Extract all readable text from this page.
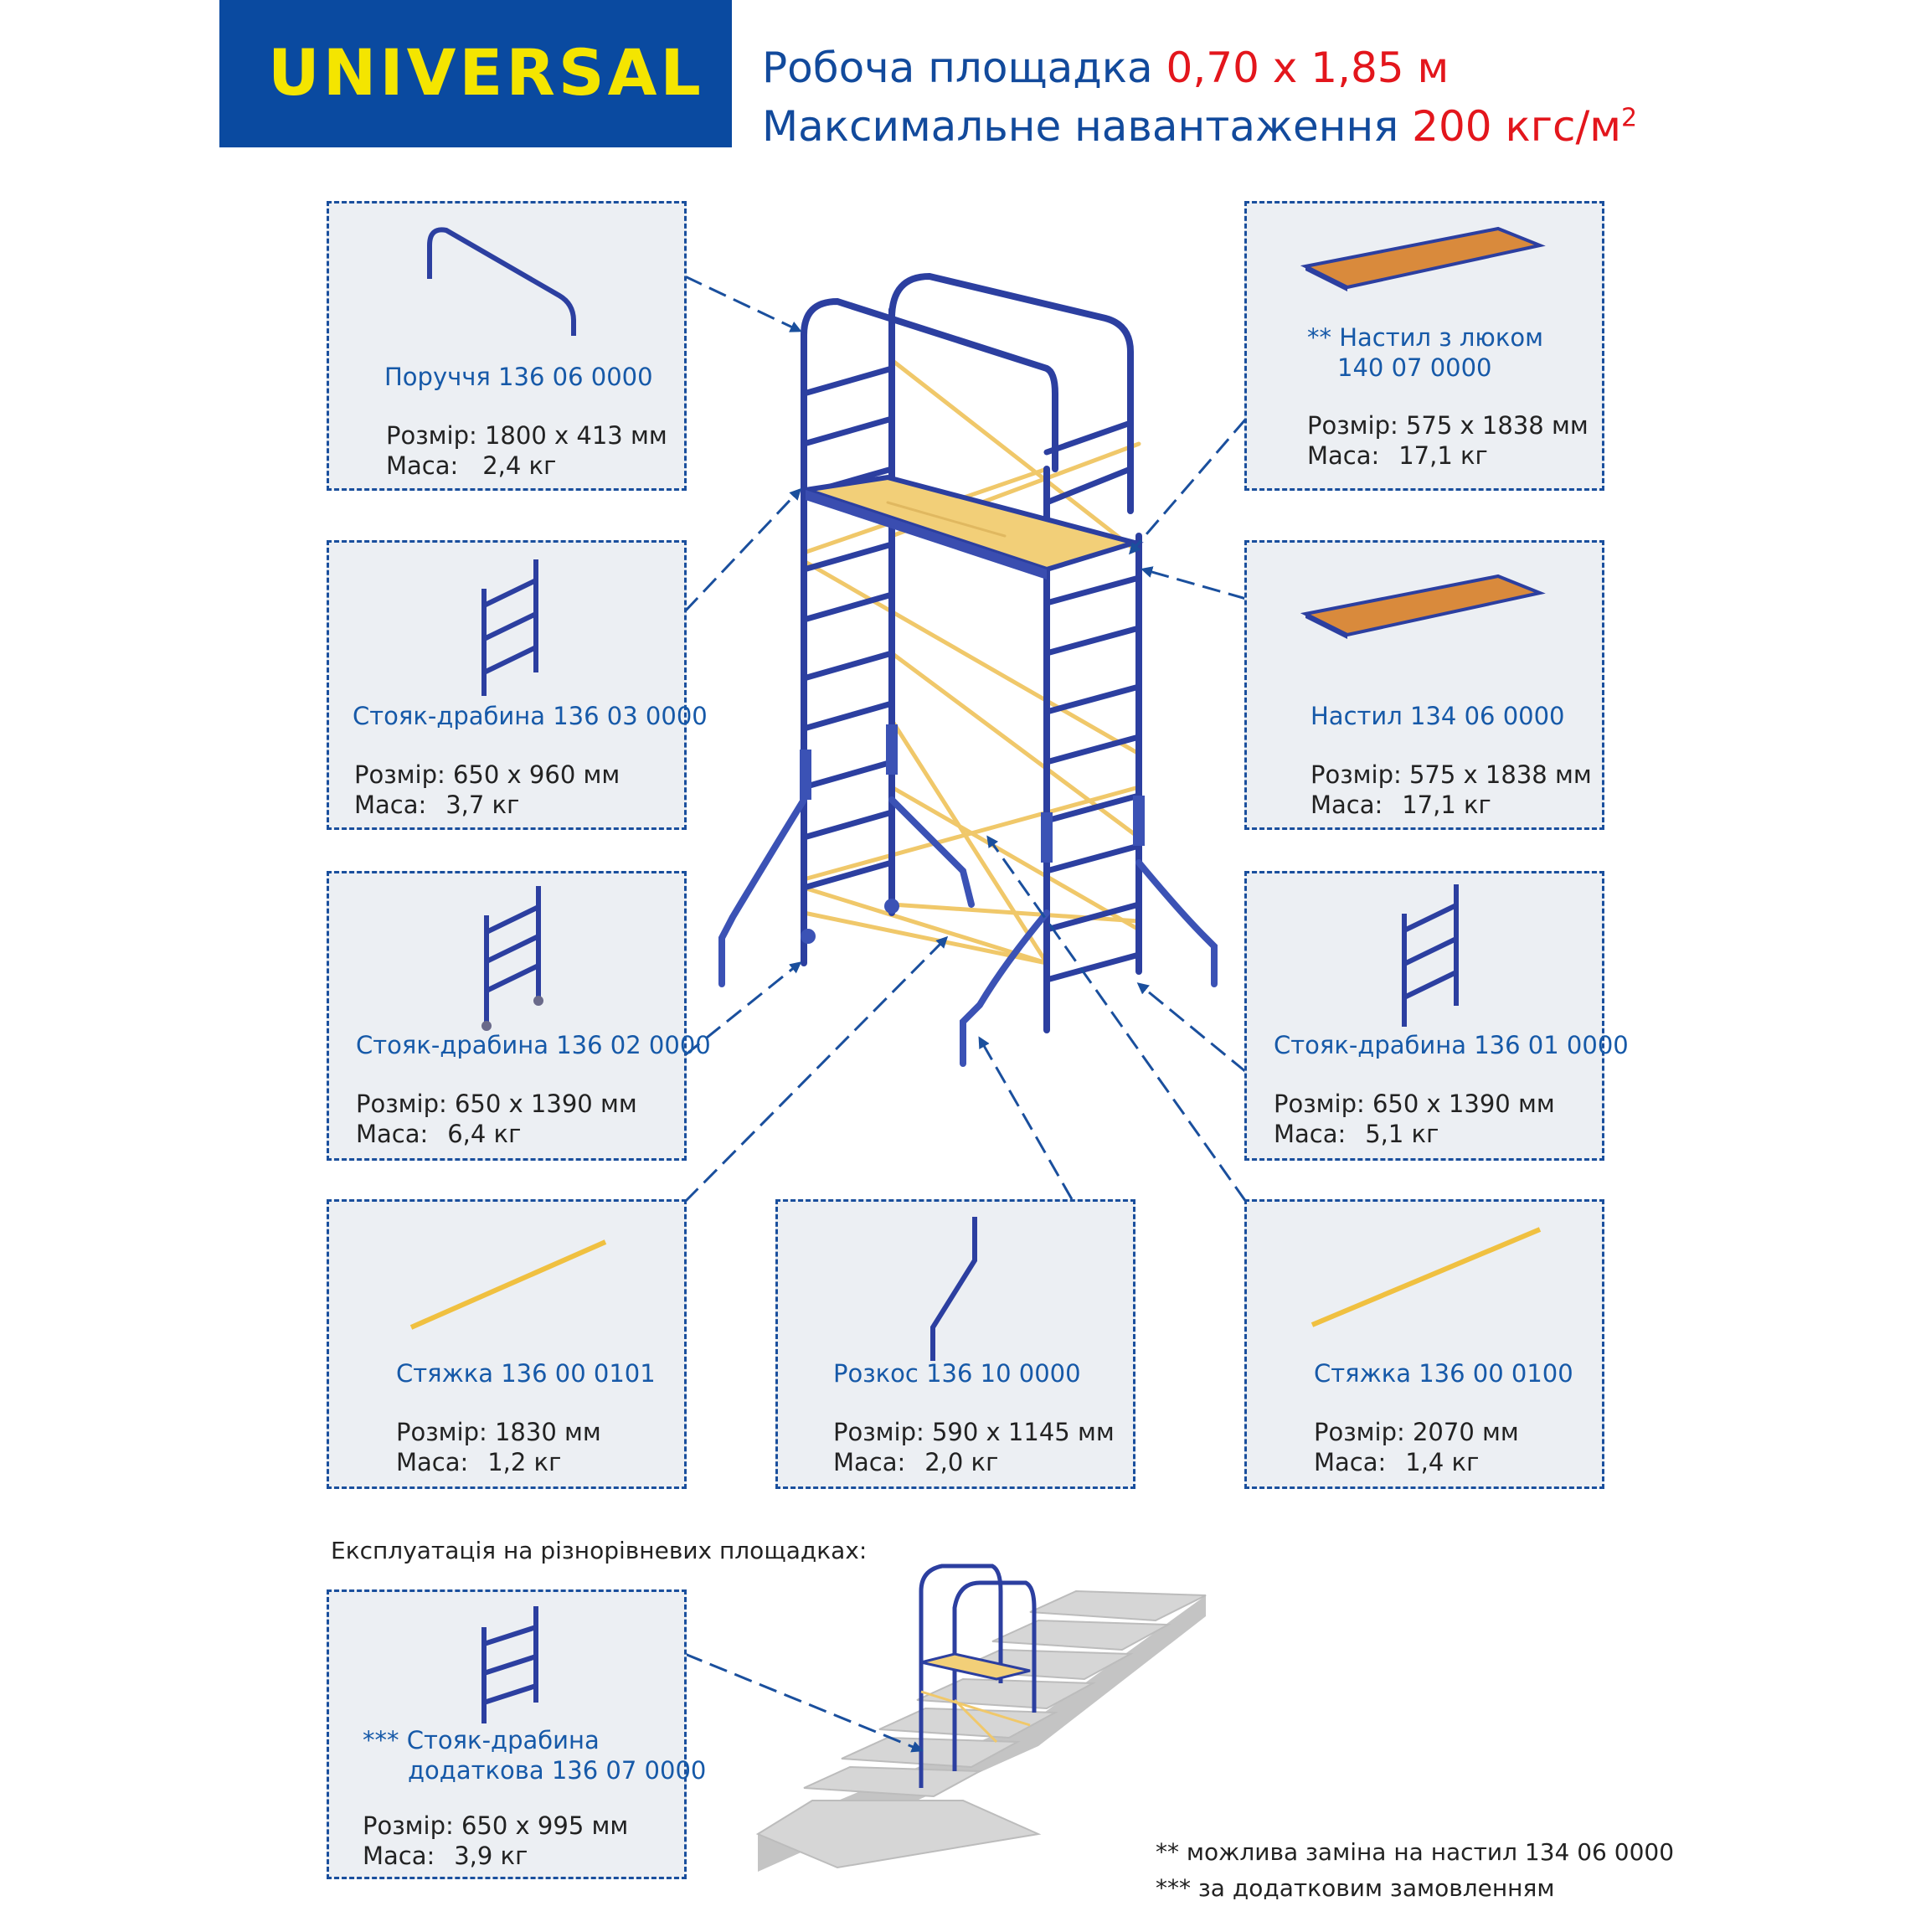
UNIVERSAL Робоча площадка 0,70 x 1,85 м
Максимальне навантаження 200 кгс/$м^2$
Поруччя 136 06 0000
Розмір: 1800 x 413 мм
Маса: 2,4 кг
Стояк-драбина 136 03 0000
Розмір: 650 x 960 мм
Маса: 3,7 кг
Стояк-драбина 136 02 0000
Розмір: 650 x 1390 мм
Маса: 6,4 кг
** Настил з люком
140 07 0000
Розмір: 575 x 1838 мм
Маса: 17,1 кг
Настил 134 06 0000
Розмір: 575 x 1838 мм
Маса: 17,1 кг
Стояк-драбина 136 01 0000
Розмір: 650 x 1390 мм
Маса: 5,1 кг
Стяжка 136 00 0101
Розмір: 1830 мм
Маса: 1,2 кг
Розкос 136 10 0000
Розмір: 590 x 1145 мм
Маса: 2,0 кг
Стяжка 136 00 0100
Розмір: 2070 мм
Маса: 1,4 кг
Експлуатація на різнорівневих площадках:
*** Стояк-драбина
додаткова 136 07 0000
Розмір: 650 x 995 мм
Маса: 3,9 кг	** можлива заміна на настил 134 06 0000
*** за додатковим замовленням
